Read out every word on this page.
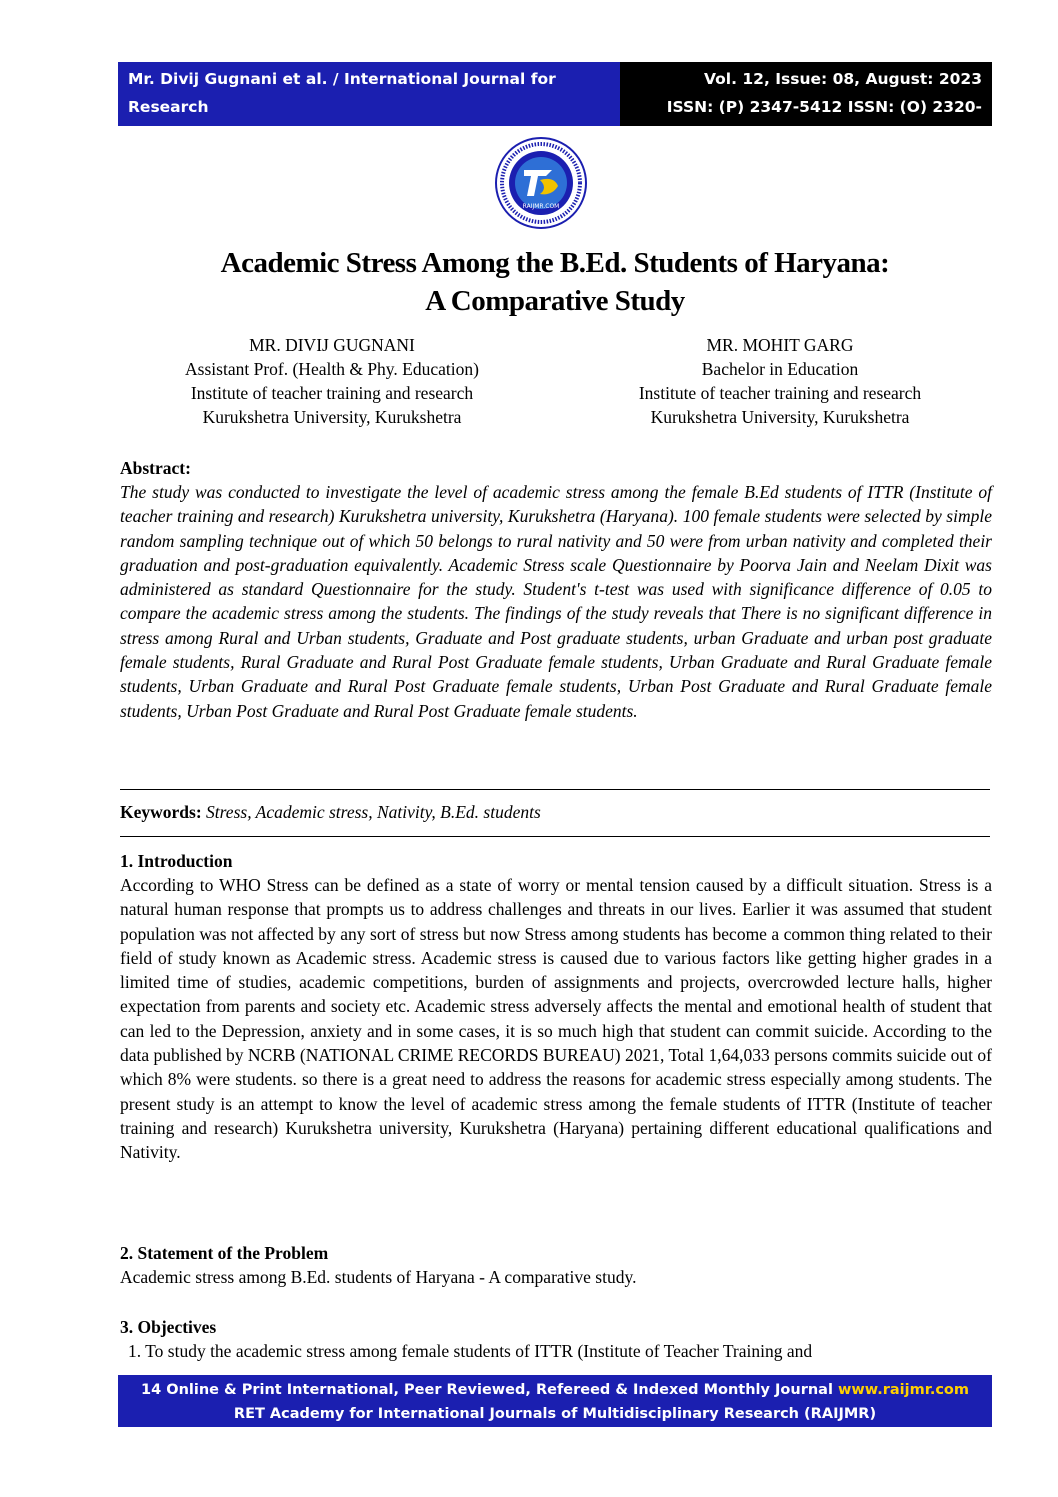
Mr. Divij Gugnani et al. / International Journal for Research
in Education (IJRE) (I.F. 6.003)
Vol. 12, Issue: 08, August: 2023
ISSN: (P) 2347-5412 ISSN: (O) 2320-091X
RAIJMR.COM
Academic Stress Among the B.Ed. Students of Haryana:
A Comparative Study
MR. DIVIJ GUGNANI
Assistant Prof. (Health & Phy. Education)
Institute of teacher training and research
Kurukshetra University, Kurukshetra
MR. MOHIT GARG
Bachelor in Education
Institute of teacher training and research
Kurukshetra University, Kurukshetra
Abstract:
The study was conducted to investigate the level of academic stress among the female B.Ed students of ITTR (Institute of teacher training and research) Kurukshetra university, Kurukshetra (Haryana). 100 female students were selected by simple random sampling technique out of which 50 belongs to rural nativity and 50 were from urban nativity and completed their graduation and post-graduation equivalently. Academic Stress scale Questionnaire by Poorva Jain and Neelam Dixit was administered as standard Questionnaire for the study. Student's t-test was used with significance difference of 0.05 to compare the academic stress among the students. The findings of the study reveals that There is no significant difference in stress among Rural and Urban students, Graduate and Post graduate students, urban Graduate and urban post graduate female students, Rural Graduate and Rural Post Graduate female students, Urban Graduate and Rural Graduate female students, Urban Graduate and Rural Post Graduate female students, Urban Post Graduate and Rural Graduate female students, Urban Post Graduate and Rural Post Graduate female students.
Keywords: Stress, Academic stress, Nativity, B.Ed. students
1. Introduction
According to WHO Stress can be defined as a state of worry or mental tension caused by a difficult situation. Stress is a natural human response that prompts us to address challenges and threats in our lives. Earlier it was assumed that student population was not affected by any sort of stress but now Stress among students has become a common thing related to their field of study known as Academic stress. Academic stress is caused due to various factors like getting higher grades in a limited time of studies, academic competitions, burden of assignments and projects, overcrowded lecture halls, higher expectation from parents and society etc. Academic stress adversely affects the mental and emotional health of student that can led to the Depression, anxiety and in some cases, it is so much high that student can commit suicide. According to the data published by NCRB (NATIONAL CRIME RECORDS BUREAU) 2021, Total 1,64,033 persons commits suicide out of which 8% were students. so there is a great need to address the reasons for academic stress especially among students. The present study is an attempt to know the level of academic stress among the female students of ITTR (Institute of teacher training and research) Kurukshetra university, Kurukshetra (Haryana) pertaining different educational qualifications and Nativity.
2. Statement of the Problem
Academic stress among B.Ed. students of Haryana - A comparative study.
3. Objectives
1. To study the academic stress among female students of ITTR (Institute of Teacher Training and
14 Online & Print International, Peer Reviewed, Refereed & Indexed Monthly Journal www.raijmr.com
RET Academy for International Journals of Multidisciplinary Research (RAIJMR)
